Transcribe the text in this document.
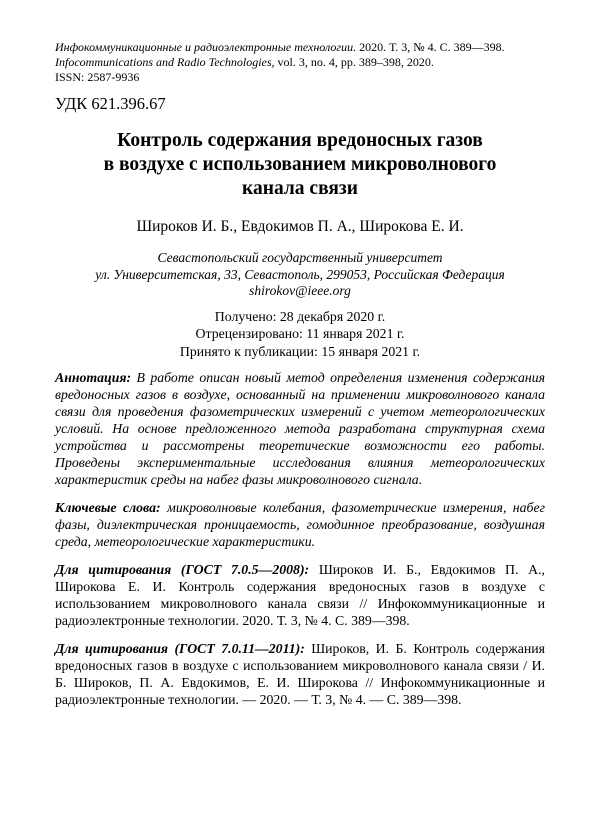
Инфокоммуникационные и радиоэлектронные технологии. 2020. Т. 3, № 4. С. 389—398.

Infocommunications and Radio Technologies, vol. 3, no. 4, pp. 389–398, 2020.

ISSN: 2587-9936

УДК 621.396.67

Контроль содержания вредоносных газов
в воздухе с использованием микроволнового
канала связи

Широков И. Б., Евдокимов П. А., Широкова Е. И.

Севастопольский государственный университет
ул. Университетская, 33, Севастополь, 299053, Российская Федерация
shirokov@ieee.org
Получено: 28 декабря 2020 г.
Отрецензировано: 11 января 2021 г.
Принято к публикации: 15 января 2021 г.

Аннотация: В работе описан новый метод определения изменения содержания вредоносных газов в воздухе, основанный на применении микроволнового канала связи для проведения фазометрических измерений с учетом метеорологических условий. На основе предложенного метода разработана структурная схема устройства и рассмотрены теоретические возможности его работы. Проведены экспериментальные исследования влияния метеорологических характеристик среды на набег фазы микроволнового сигнала.

Ключевые слова: микроволновые колебания, фазометрические измерения, набег фазы, диэлектрическая проницаемость, гомодинное преобразование, воздушная среда, метеорологические характеристики.

Для цитирования (ГОСТ 7.0.5—2008): Широков И. Б., Евдокимов П. А., Широкова Е. И. Контроль содержания вредоносных газов в воздухе с использованием микроволнового канала связи // Инфокоммуникационные и радиоэлектронные технологии. 2020. Т. 3, № 4. С. 389—398.

Для цитирования (ГОСТ 7.0.11—2011): Широков, И. Б. Контроль содержания вредоносных газов в воздухе с использованием микроволнового канала связи / И. Б. Широков, П. А. Евдокимов, Е. И. Широкова // Инфокоммуникационные и радиоэлектронные технологии. — 2020. — Т. 3, № 4. — С. 389—398.
